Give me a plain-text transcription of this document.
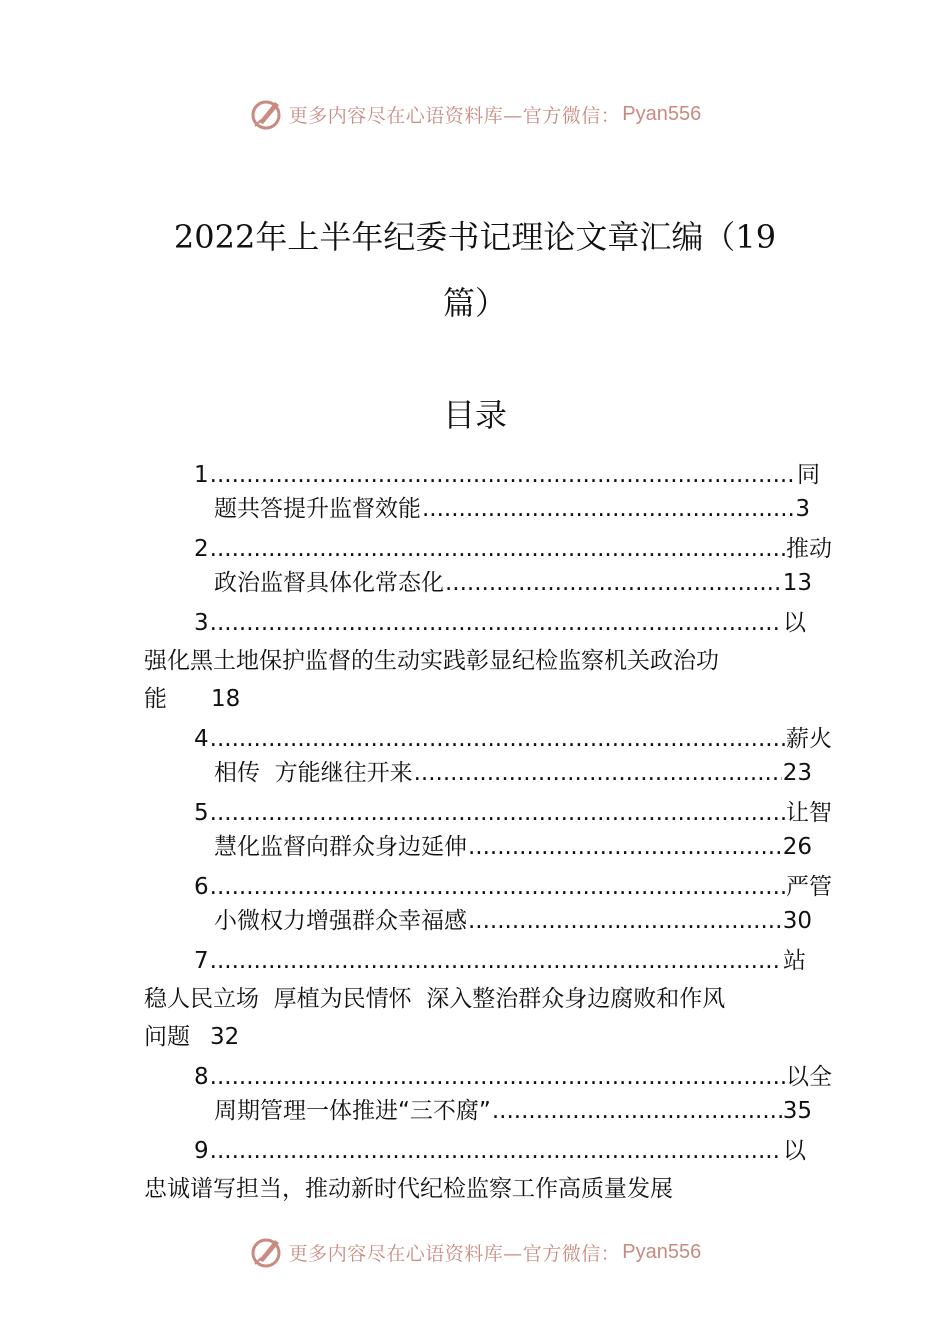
更多内容尽在心语资料库—官方微信： Pyan556
2022年上半年纪委书记理论文章汇编（19
篇）
目录
1 .....	同
题共答提升监督效能 .....	3
2 .....	推动
政治监督具体化常态化 .....	13
3 .....	以
强化黑土地保护监督的生动实践彰显纪检监察机关政治功
能 18
4 .....	薪火
相传  方能继往开来 .....	23
5 .....	让智
慧化监督向群众身边延伸 .....	26
6 .....	严管
小微权力增强群众幸福感 .....	30
7 .....	站
稳人民立场  厚植为民情怀  深入整治群众身边腐败和作风
问题 32
8 .....	以全
周期管理一体推进“三不腐” .....	35
9 .....	以
忠诚谱写担当，推动新时代纪检监察工作高质量发展
更多内容尽在心语资料库—官方微信： Pyan556
